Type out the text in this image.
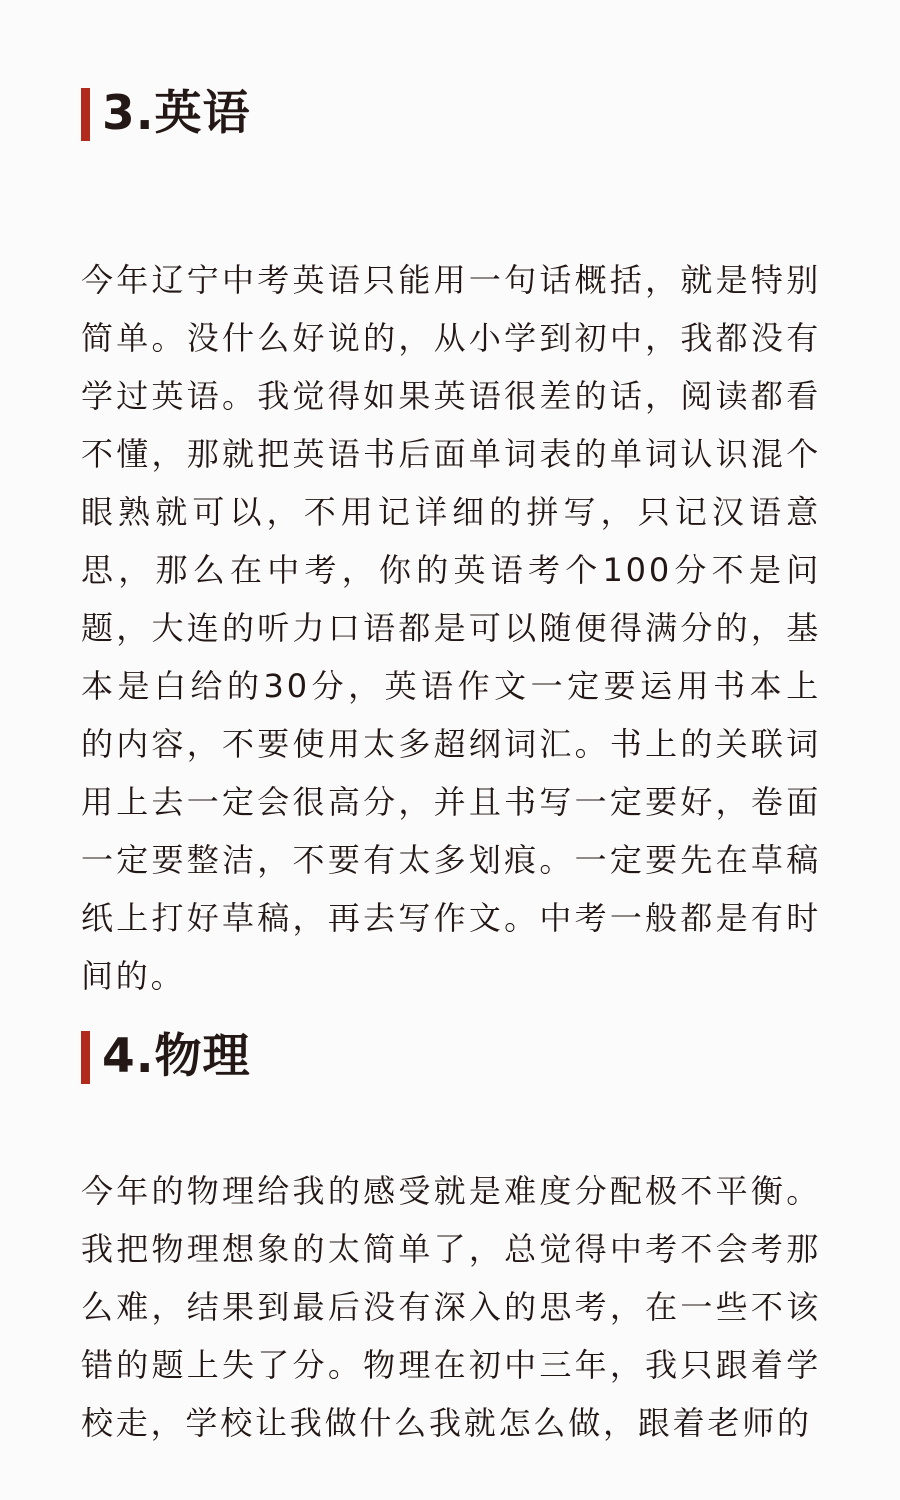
3.英语

今年辽宁中考英语只能用一句话概括，就是特别简单。没什么好说的，从小学到初中，我都没有学过英语。我觉得如果英语很差的话，阅读都看不懂，那就把英语书后面单词表的单词认识混个眼熟就可以，不用记详细的拼写，只记汉语意思，那么在中考，你的英语考个100分不是问题，大连的听力口语都是可以随便得满分的，基本是白给的30分，英语作文一定要运用书本上的内容，不要使用太多超纲词汇。书上的关联词用上去一定会很高分，并且书写一定要好，卷面一定要整洁，不要有太多划痕。一定要先在草稿纸上打好草稿，再去写作文。中考一般都是有时间的。

4.物理

今年的物理给我的感受就是难度分配极不平衡。我把物理想象的太简单了，总觉得中考不会考那么难，结果到最后没有深入的思考，在一些不该错的题上失了分。物理在初中三年，我只跟着学校走，学校让我做什么我就怎么做，跟着老师的
